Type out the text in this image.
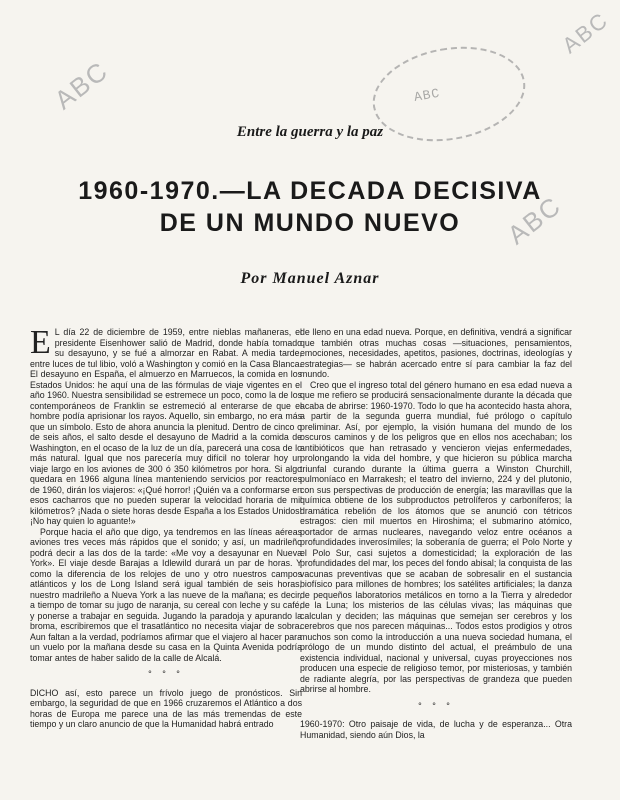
ABC
ABC
ABC
ABC
Entre la guerra y la paz
1960-1970.—LA DECADA DECISIVA DE UN MUNDO NUEVO
Por Manuel Aznar

E L día 22 de diciembre de 1959, entre nieblas mañaneras, el presidente Eisenhower salió de Madrid, donde había tomado su desayuno, y se fué a almorzar en Rabat. A media tarde, entre luces de tul libio, voló a Washington y comió en la Casa Blanca. El desayuno en España, el almuerzo en Marruecos, la comida en los Estados Unidos: he aquí una de las fórmulas de viaje vigentes en el año 1960. Nuestra sensibilidad se estremece un poco, como la de los contemporáneos de Franklin se estremeció al enterarse de que el hombre podía aprisionar los rayos. Aquello, sin embargo, no era más que un símbolo. Esto de ahora anuncia la plenitud. Dentro de cinco o de seis años, el salto desde el desayuno de Madrid a la comida de Washington, en el ocaso de la luz de un día, parecerá una cosa de lo más natural. Igual que nos parecería muy difícil no tolerar hoy un viaje largo en los aviones de 300 ó 350 kilómetros por hora. Si algo quedara en 1966 alguna línea manteniendo servicios por reactores de 1960, dirán los viajeros: «¡Qué horror! ¡Quién va a conformarse en esos cacharros que no pueden superar la velocidad horaria de mil kilómetros? ¡Nada o siete horas desde España a los Estados Unidos! ¡No hay quien lo aguante!»

Porque hacia el año que digo, ya tendremos en las líneas aéreas aviones tres veces más rápidos que el sonido; y así, un madrileño podrá decir a las dos de la tarde: «Me voy a desayunar en Nueva York». El viaje desde Barajas a Idlewild durará un par de horas. Y como la diferencia de los relojes de uno y otro nuestros campos atlánticos y los de Long Island será igual también de seis horas, nuestro madrileño a Nueva York a las nueve de la mañana; es decir, a tiempo de tomar su jugo de naranja, su cereal con leche y su café, y ponerse a trabajar en seguida. Jugando la paradoja y apurando la broma, escribiremos que el trasatlántico no necesita viajar de sobra. Aun faltan a la verdad, podríamos afirmar que el viajero al hacer para un vuelo por la mañana desde su casa en la Quinta Avenida podría tomar antes de haber salido de la calle de Alcalá.

° ° °

DICHO así, esto parece un frívolo juego de pronósticos. Sin embargo, la seguridad de que en 1966 cruzaremos el Atlántico a dos horas de Europa me parece una de las más tremendas de este tiempo y un claro anuncio de que la Humanidad habrá entrado

de lleno en una edad nueva. Porque, en definitiva, vendrá a significar que también otras muchas cosas —situaciones, pensamientos, emociones, necesidades, apetitos, pasiones, doctrinas, ideologías y estrategias— se habrán acercado entre sí para cambiar la faz del mundo.

Creo que el ingreso total del género humano en esa edad nueva a que me refiero se producirá sensacionalmente durante la década que acaba de abrirse: 1960-1970. Todo lo que ha acontecido hasta ahora, a partir de la segunda guerra mundial, fué prólogo o capítulo preliminar. Así, por ejemplo, la visión humana del mundo de los oscuros caminos y de los peligros que en ellos nos acechaban; los antibióticos que han retrasado y vencieron viejas enfermedades, prolongando la vida del hombre, y que hicieron su pública marcha triunfal curando durante la última guerra a Winston Churchill, pulmoníaco en Marrakesh; el teatro del invierno, 224 y del plutonio, con sus perspectivas de producción de energía; las maravillas que la química obtiene de los subproductos petrolíferos y carboníferos; la dramática rebelión de los átomos que se anunció con tétricos estragos: cien mil muertos en Hiroshima; el submarino atómico, portador de armas nucleares, navegando veloz entre océanos a profundidades inverosímiles; la soberanía de guerra; el Polo Norte y el Polo Sur, casi sujetos a domesticidad; la exploración de las profundidades del mar, los peces del fondo abisal; la conquista de las vacunas preventivas que se acaban de sobresalir en el sustancia biofísico para millones de hombres; los satélites artificiales; la danza de pequeños laboratorios metálicos en torno a la Tierra y alrededor de la Luna; los misterios de las células vivas; las máquinas que calculan y deciden; las máquinas que semejan ser cerebros y los cerebros que nos parecen máquinas... Todos estos prodigios y otros muchos son como la introducción a una nueva sociedad humana, el prólogo de un mundo distinto del actual, el preámbulo de una existencia individual, nacional y universal, cuyas proyecciones nos producen una especie de religioso temor, por misteriosas, y también de radiante alegría, por las perspectivas de grandeza que pueden abrirse al hombre.

° ° °

1960-1970: Otro paisaje de vida, de lucha y de esperanza... Otra Humanidad, siendo aún Dios, la
